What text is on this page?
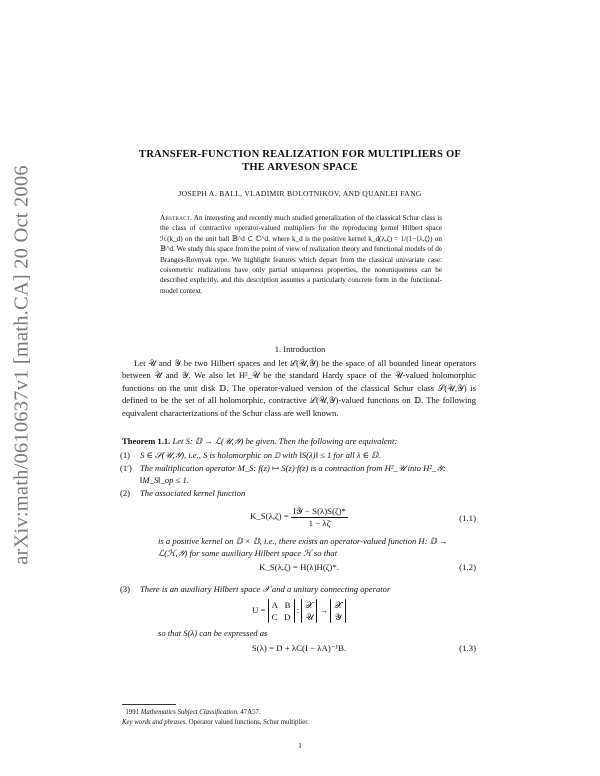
arXiv:math/0610637v1 [math.CA] 20 Oct 2006
TRANSFER-FUNCTION REALIZATION FOR MULTIPLIERS OF
THE ARVESON SPACE
JOSEPH A. BALL, VLADIMIR BOLOTNIKOV, AND QUANLEI FANG
Abstract. An interesting and recently much studied generalization of the classical Schur class is the class of contractive operator-valued multipliers for the reproducing kernel Hilbert space ℋ(k_d) on the unit ball 𝔹^d ⊂ ℂ^d, where k_d is the positive kernel k_d(λ,ζ) = 1/(1−⟨λ,ζ⟩) on 𝔹^d. We study this space from the point of view of realization theory and functional models of de Branges-Rovnyak type. We highlight features which depart from the classical univariate case: coisometric realizations have only partial uniqueness properties, the nonuniqueness can be described explicitly, and this description assumes a particularly concrete form in the functional-model context.
1. Introduction
Let 𝒰 and 𝒴 be two Hilbert spaces and let ℒ(𝒰,𝒴) be the space of all bounded linear operators between 𝒰 and 𝒴. We also let H²_𝒰 be the standard Hardy space of the 𝒰-valued holomorphic functions on the unit disk 𝔻. The operator-valued version of the classical Schur class 𝒮(𝒰,𝒴) is defined to be the set of all holomorphic, contractive ℒ(𝒰,𝒴)-valued functions on 𝔻. The following equivalent characterizations of the Schur class are well known.
Theorem 1.1. Let S: 𝔻 → ℒ(𝒰,𝒴) be given. Then the following are equivalent:
(1) S ∈ 𝒮(𝒰,𝒴), i.e., S is holomorphic on 𝔻 with ‖S(λ)‖ ≤ 1 for all λ ∈ 𝔻.
(1′) The multiplication operator M_S: f(z) ↦ S(z)·f(z) is a contraction from H²_𝒰 into H²_𝒴: ‖M_S‖_op ≤ 1.
(2) The associated kernel function
K_S(λ,ζ) = $\frac{\text{I𝒴 − S(λ)S(ζ)*}}{1 - \lambda\zetā}$	(1.1)
is a positive kernel on 𝔻 × 𝔻, i.e., there exists an operator-valued function H: 𝔻 → ℒ(ℋ,𝒴) for some auxiliary Hilbert space ℋ so that
K_S(λ,ζ) = H(λ)H(ζ)*.	(1.2)
(3) There is an auxiliary Hilbert space 𝒳 and a unitary connecting operator
U = A B
C D : 𝒳
𝒰 → 𝒳
𝒴
so that S(λ) can be expressed as
S(λ) = D + λC(I − λA)⁻¹B.	(1.3)
1991 Mathematics Subject Classification. 47A57.
Key words and phrases. Operator valued functions, Schur multiplier.
1
